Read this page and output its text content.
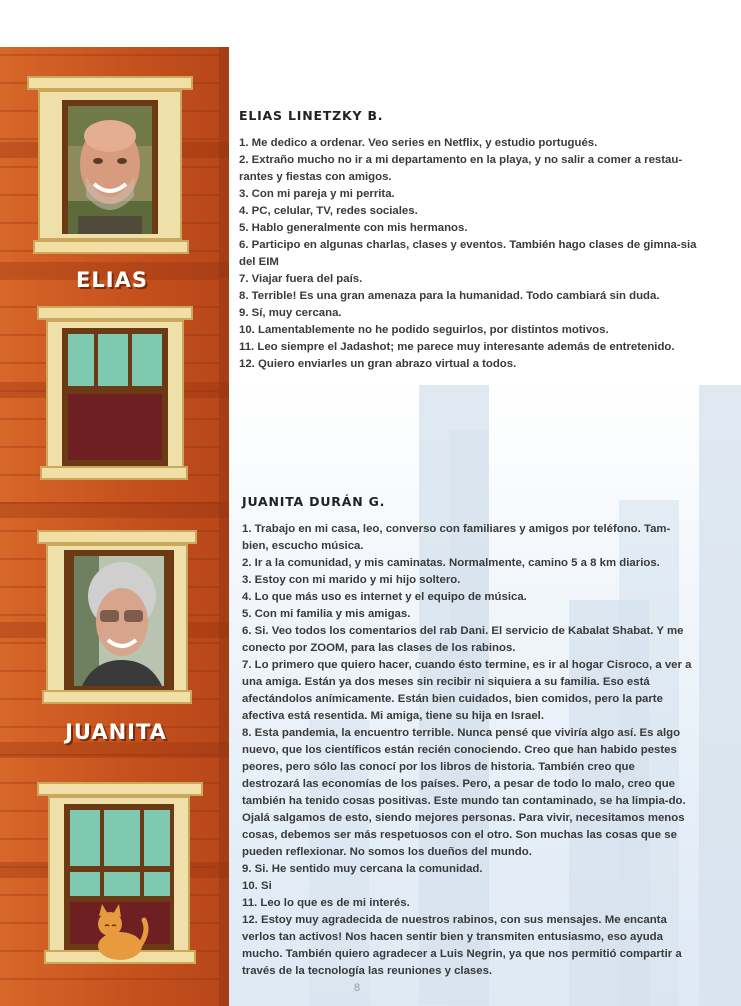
ELIAS
JUANITA
ELIAS LINETZKY B.
1. Me dedico a ordenar. Veo series en Netflix, y estudio portugués.
2. Extraño mucho no ir a mi departamento en la playa, y no salir a comer a restau-rantes y fiestas con amigos.
3. Con mi pareja y mi perrita.
4. PC, celular, TV, redes sociales.
5. Hablo generalmente con mis hermanos.
6. Participo en algunas charlas, clases y eventos. También hago clases de gimna-sia del EIM
7. Viajar fuera del país.
8. Terrible! Es una gran amenaza para la humanidad. Todo cambiará sin duda.
9. Sí, muy cercana.
10. Lamentablemente no he podido seguirlos, por distintos motivos.
11. Leo siempre el Jadashot; me parece muy interesante además de entretenido.
12. Quiero enviarles un gran abrazo virtual a todos.
JUANITA DURÁN G.
1. Trabajo en mi casa, leo, converso con familiares y amigos por teléfono. Tam-bien, escucho música.
2. Ir a la comunidad, y mis caminatas. Normalmente, camino 5 a 8 km diarios.
3. Estoy con mi marido y mi hijo soltero.
4. Lo que más uso es internet y el equipo de música.
5. Con mi familia y mis amigas.
6. Si. Veo todos los comentarios del rab Dani. El servicio de Kabalat Shabat. Y me conecto por ZOOM, para las clases de los rabinos.
7. Lo primero que quiero hacer, cuando ésto termine, es ir al hogar Cisroco, a ver a una amiga. Están ya dos meses sin recibir ni siquiera a su familia. Eso está afectándolos anímicamente. Están bien cuidados, bien comidos, pero la parte afectiva está resentida. Mi amiga, tiene su hija en Israel.
8. Esta pandemia, la encuentro terrible. Nunca pensé que viviría algo así. Es algo nuevo, que los científicos están recién conociendo. Creo que han habido pestes peores, pero sólo las conocí por los libros de historia. También creo que destrozará las economías de los países. Pero, a pesar de todo lo malo, creo que también ha tenido cosas positivas. Este mundo tan contaminado, se ha limpia-do. Ojalá salgamos de esto, siendo mejores personas. Para vivir, necesitamos menos cosas, debemos ser más respetuosos con el otro. Son muchas las cosas que se pueden reflexionar. No somos los dueños del mundo.
9. Si. He sentido muy cercana la comunidad.
10. Si
11. Leo lo que es de mi interés.
12. Estoy muy agradecida de nuestros rabinos, con sus mensajes. Me encanta verlos tan activos! Nos hacen sentir bien y transmiten entusiasmo, eso ayuda mucho. También quiero agradecer a Luis Negrin, ya que nos permitió compartir a través de la tecnología las reuniones y clases.
8
